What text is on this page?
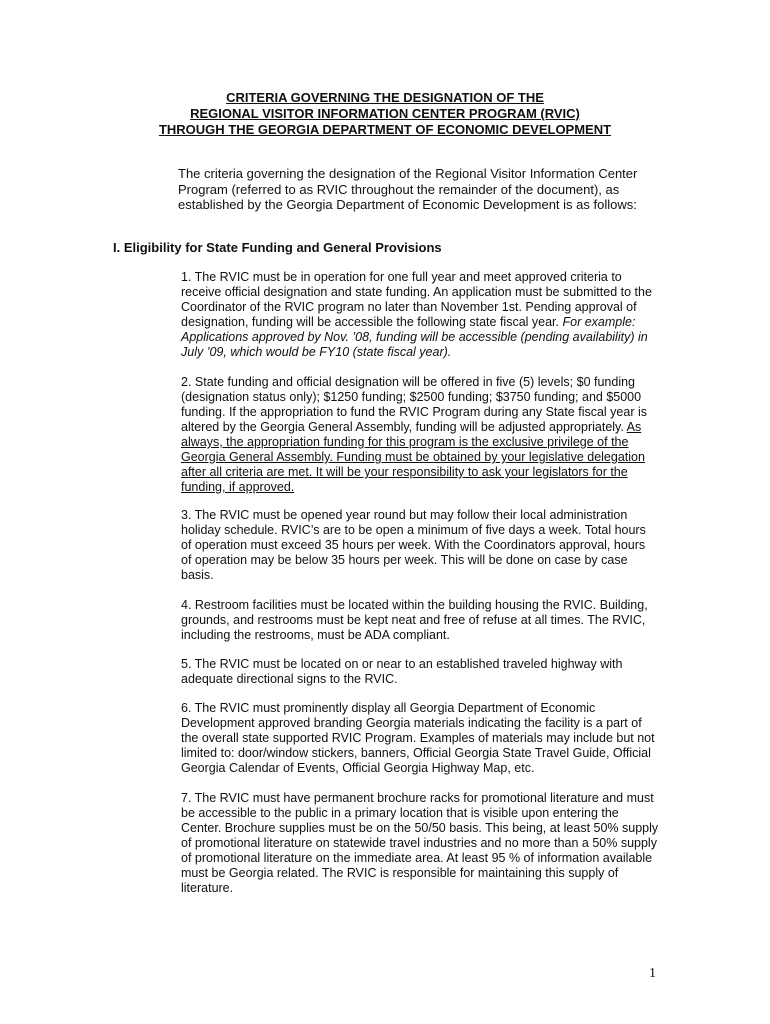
CRITERIA GOVERNING THE DESIGNATION OF THE
REGIONAL VISITOR INFORMATION CENTER PROGRAM (RVIC)
THROUGH THE GEORGIA DEPARTMENT OF ECONOMIC DEVELOPMENT

The criteria governing the designation of the Regional Visitor Information Center Program (referred to as RVIC throughout the remainder of the document), as established by the Georgia Department of Economic Development is as follows:

I. Eligibility for State Funding and General Provisions

1. The RVIC must be in operation for one full year and meet approved criteria to receive official designation and state funding. An application must be submitted to the Coordinator of the RVIC program no later than November 1st. Pending approval of designation, funding will be accessible the following state fiscal year. For example: Applications approved by Nov. ’08, funding will be accessible (pending availability) in July ’09, which would be FY10 (state fiscal year).

2. State funding and official designation will be offered in five (5) levels; $0 funding (designation status only); $1250 funding; $2500 funding; $3750 funding; and $5000 funding. If the appropriation to fund the RVIC Program during any State fiscal year is altered by the Georgia General Assembly, funding will be adjusted appropriately. As always, the appropriation funding for this program is the exclusive privilege of the Georgia General Assembly. Funding must be obtained by your legislative delegation after all criteria are met. It will be your responsibility to ask your legislators for the funding, if approved.

3. The RVIC must be opened year round but may follow their local administration holiday schedule. RVIC’s are to be open a minimum of five days a week. Total hours of operation must exceed 35 hours per week. With the Coordinators approval, hours of operation may be below 35 hours per week. This will be done on case by case basis.

4. Restroom facilities must be located within the building housing the RVIC. Building, grounds, and restrooms must be kept neat and free of refuse at all times. The RVIC, including the restrooms, must be ADA compliant.

5. The RVIC must be located on or near to an established traveled highway with adequate directional signs to the RVIC.

6. The RVIC must prominently display all Georgia Department of Economic Development approved branding Georgia materials indicating the facility is a part of the overall state supported RVIC Program. Examples of materials may include but not limited to: door/window stickers, banners, Official Georgia State Travel Guide, Official Georgia Calendar of Events, Official Georgia Highway Map, etc.

7. The RVIC must have permanent brochure racks for promotional literature and must be accessible to the public in a primary location that is visible upon entering the Center. Brochure supplies must be on the 50/50 basis. This being, at least 50% supply of promotional literature on statewide travel industries and no more than a 50% supply of promotional literature on the immediate area. At least 95 % of information available must be Georgia related. The RVIC is responsible for maintaining this supply of literature.

1
